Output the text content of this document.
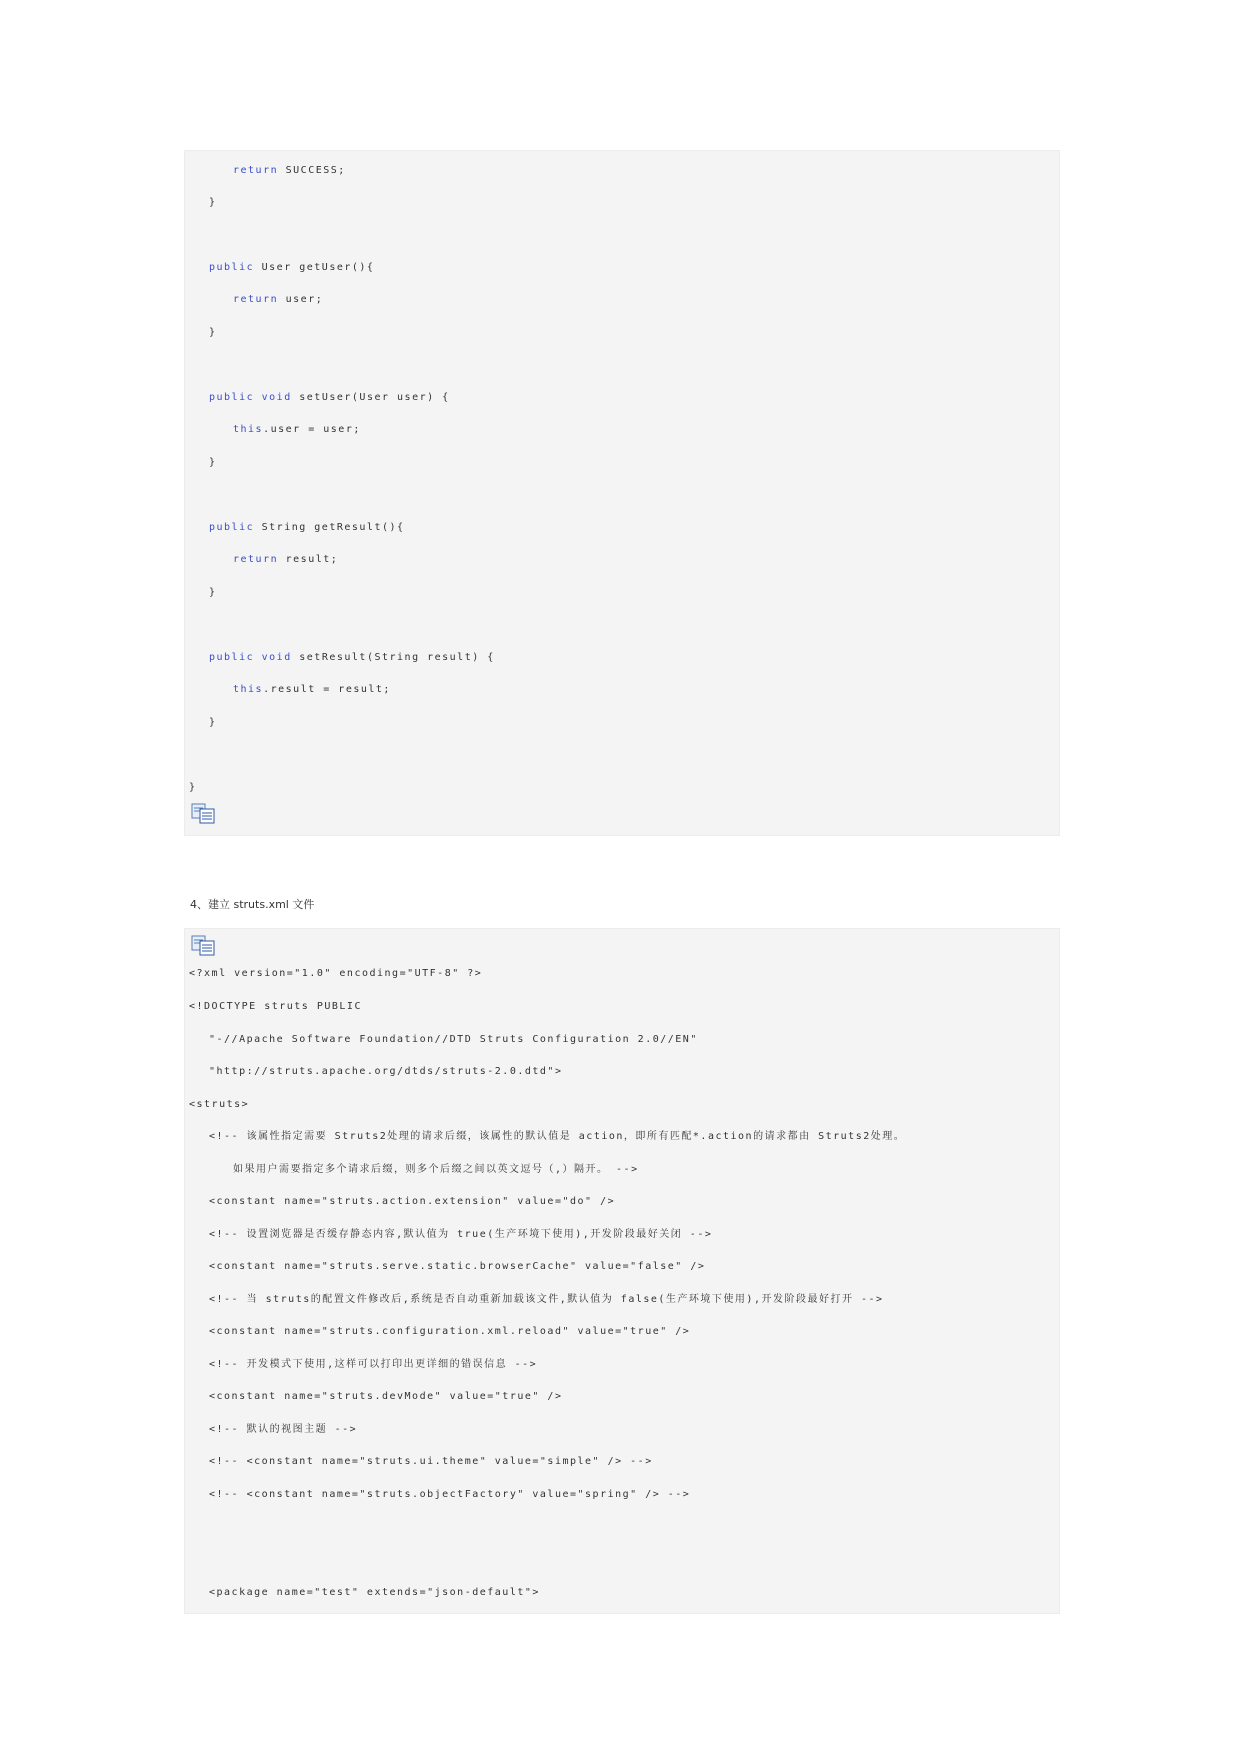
return SUCCESS;
}
public User getUser(){
return user;
}
public void setUser(User user) {
this.user = user;
}
public String getResult(){
return result;
}
public void setResult(String result) {
this.result = result;
}
}
4、建立 struts.xml 文件
<?xml version="1.0" encoding="UTF-8" ?>
<!DOCTYPE struts PUBLIC
"-//Apache Software Foundation//DTD Struts Configuration 2.0//EN"
"http://struts.apache.org/dtds/struts-2.0.dtd">
<struts>
<!-- 该属性指定需要 Struts2处理的请求后缀，该属性的默认值是 action，即所有匹配*.action的请求都由 Struts2处理。
如果用户需要指定多个请求后缀，则多个后缀之间以英文逗号（,）隔开。 -->
<constant name="struts.action.extension" value="do" />
<!-- 设置浏览器是否缓存静态内容,默认值为 true(生产环境下使用),开发阶段最好关闭 -->
<constant name="struts.serve.static.browserCache" value="false" />
<!-- 当 struts的配置文件修改后,系统是否自动重新加载该文件,默认值为 false(生产环境下使用),开发阶段最好打开 -->
<constant name="struts.configuration.xml.reload" value="true" />
<!-- 开发模式下使用,这样可以打印出更详细的错误信息 -->
<constant name="struts.devMode" value="true" />
<!-- 默认的视图主题 -->
<!-- <constant name="struts.ui.theme" value="simple" /> -->
<!-- <constant name="struts.objectFactory" value="spring" /> -->
<package name="test" extends="json-default">
